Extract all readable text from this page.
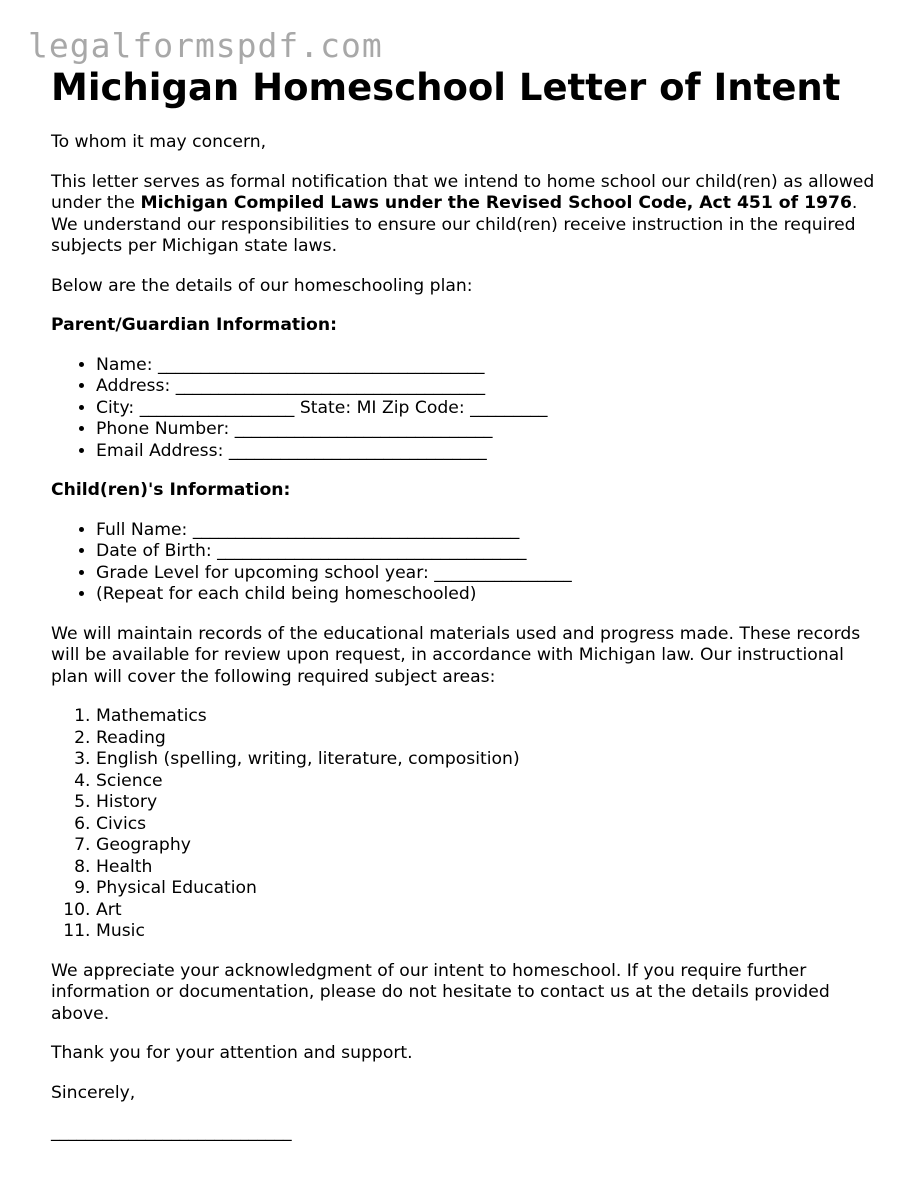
legalformspdf.com
Michigan Homeschool Letter of Intent

To whom it may concern,

This letter serves as formal notification that we intend to home school our child(ren) as allowed under the Michigan Compiled Laws under the Revised School Code, Act 451 of 1976. We understand our responsibilities to ensure our child(ren) receive instruction in the required subjects per Michigan state laws.

Below are the details of our homeschooling plan:

Parent/Guardian Information:

• Name: ______________________________________
• Address: ____________________________________
• City: __________________ State: MI Zip Code: _________
• Phone Number: ______________________________
• Email Address: ______________________________

Child(ren)'s Information:

• Full Name: ______________________________________
• Date of Birth: ____________________________________
• Grade Level for upcoming school year: ________________
• (Repeat for each child being homeschooled)

We will maintain records of the educational materials used and progress made. These records will be available for review upon request, in accordance with Michigan law. Our instructional plan will cover the following required subject areas:

1. Mathematics
2. Reading
3. English (spelling, writing, literature, composition)
4. Science
5. History
6. Civics
7. Geography
8. Health
9. Physical Education
10. Art
11. Music

We appreciate your acknowledgment of our intent to homeschool. If you require further information or documentation, please do not hesitate to contact us at the details provided above.

Thank you for your attention and support.

Sincerely,

____________________________
